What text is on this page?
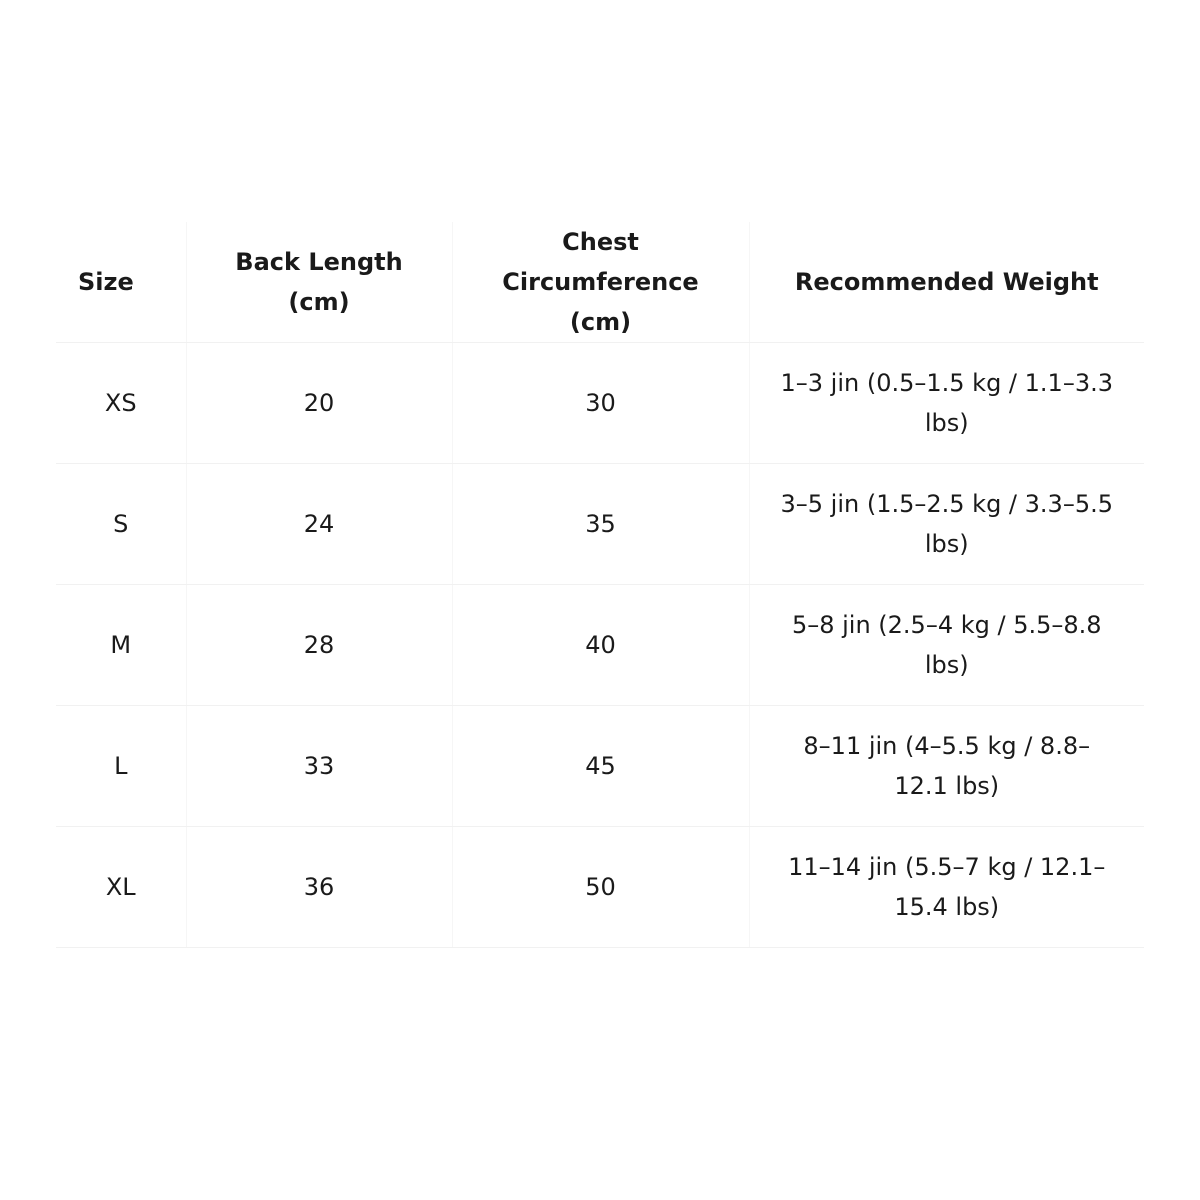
Size	Back Length (cm)	Chest Circumference (cm)	Recommended Weight
XS	20	30	1–3 jin (0.5–1.5 kg / 1.1–3.3 lbs)
S	24	35	3–5 jin (1.5–2.5 kg / 3.3–5.5 lbs)
M	28	40	5–8 jin (2.5–4 kg / 5.5–8.8 lbs)
L	33	45	8–11 jin (4–5.5 kg / 8.8–12.1 lbs)
XL	36	50	11–14 jin (5.5–7 kg / 12.1–15.4 lbs)
